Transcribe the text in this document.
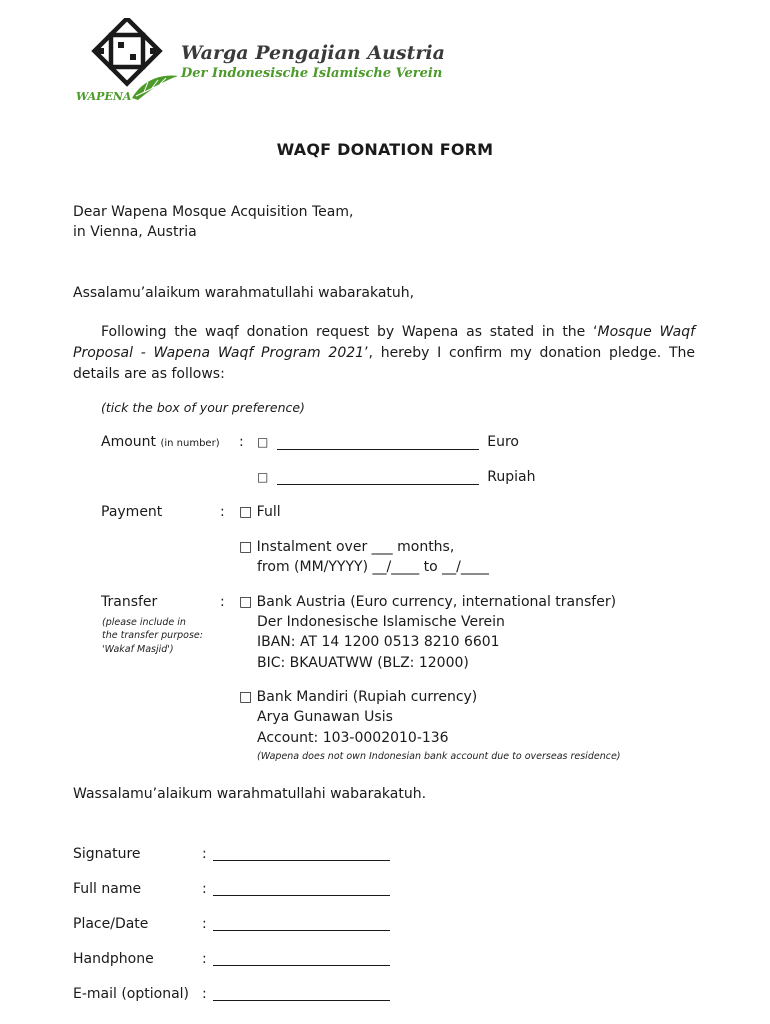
WAPENA
Warga Pengajian Austria
Der Indonesische Islamische Verein
WAQF DONATION FORM
Dear Wapena Mosque Acquisition Team,
in Vienna, Austria
Assalamu’alaikum warahmatullahi wabarakatuh,
Following the waqf donation request by Wapena as stated in the ‘Mosque Waqf Proposal - Wapena Waqf Program 2021’, hereby I confirm my donation pledge. The details are as follows:
(tick the box of your preference)
Amount (in number) : □	Euro
□	Rupiah
Payment	: □ Full
□ Instalment over ___ months,
from (MM/YYYY) __/____ to __/____
Transfer	:
(please include in
the transfer purpose:
'Wakaf Masjid')
□ Bank Austria (Euro currency, international transfer)
Der Indonesische Islamische Verein
IBAN: AT 14 1200 0513 8210 6601
BIC: BKAUATWW (BLZ: 12000)
□ Bank Mandiri (Rupiah currency)
Arya Gunawan Usis
Account: 103-0002010-136
(Wapena does not own Indonesian bank account due to overseas residence)
Wassalamu’alaikum warahmatullahi wabarakatuh.
Signature	:
Full name	:
Place/Date	:
Handphone	:
E-mail (optional) :
